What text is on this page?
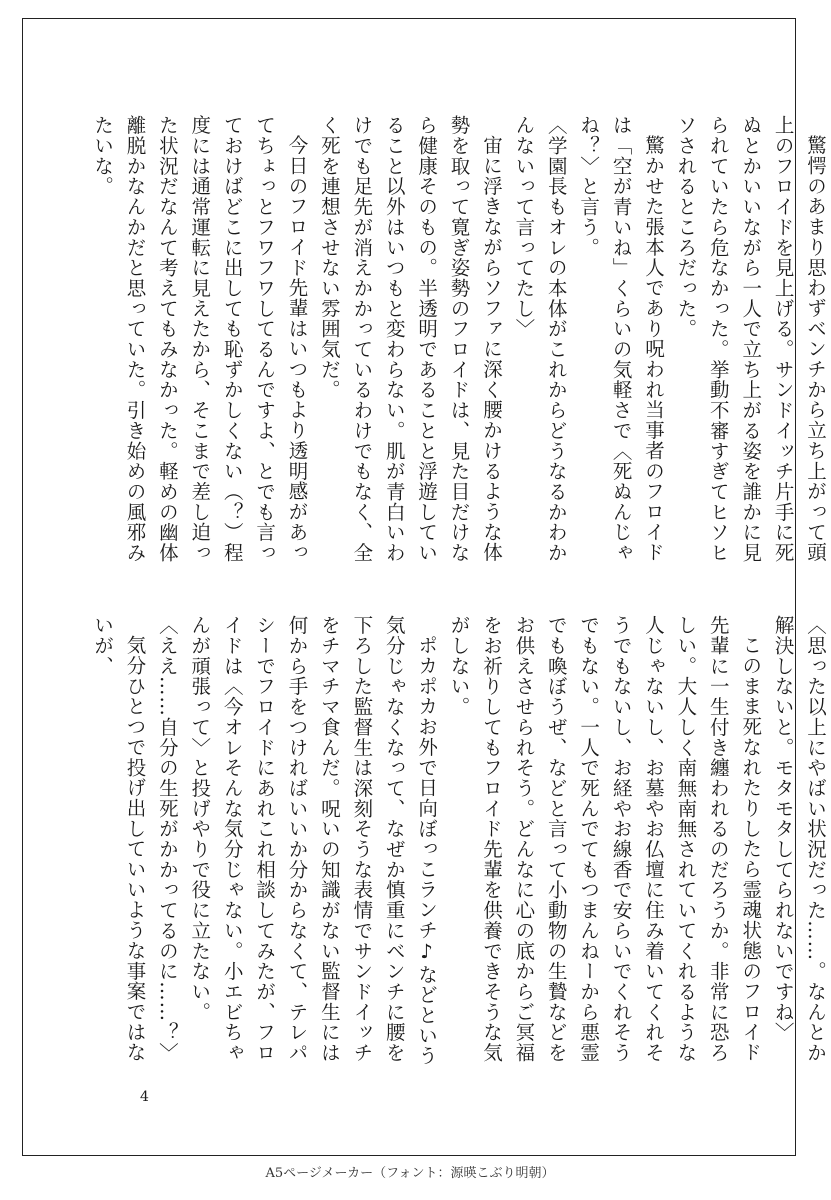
驚愕のあまり思わずベンチから立ち上がって頭上のフロイドを見上げる。サンドイッチ片手に死ぬとかいいながら一人で立ち上がる姿を誰かに見られていたら危なかった。挙動不審すぎてヒソヒソされるところだった。

驚かせた張本人であり呪われ当事者のフロイドは「空が青いね」くらいの気軽さで〈死ぬんじゃね？〉と言う。

〈学園長もオレの本体がこれからどうなるかわかんないって言ってたし〉

宙に浮きながらソファに深く腰かけるような体勢を取って寛ぎ姿勢のフロイドは、見た目だけなら健康そのもの。半透明であることと浮遊していること以外はいつもと変わらない。肌が青白いわけでも足先が消えかかっているわけでもなく、全く死を連想させない雰囲気だ。

今日のフロイド先輩はいつもより透明感があってちょっとフワフワしてるんですよ、とでも言っておけばどこに出しても恥ずかしくない（？）程度には通常運転に見えたから、そこまで差し迫った状況だなんて考えてもみなかった。軽めの幽体離脱かなんかだと思っていた。引き始めの風邪みたいな。

〈思った以上にやばい状況だった……。なんとか解決しないと。モタモタしてられないですね〉

このまま死なれたりしたら霊魂状態のフロイド先輩に一生付き纏われるのだろうか。非常に恐ろしい。大人しく南無南無されていてくれるような人じゃないし、お墓やお仏壇に住み着いてくれそうでもないし、お経やお線香で安らいでくれそうでもない。一人で死んでてもつまんねーから悪霊でも喚ぼうぜ、などと言って小動物の生贄などをお供えさせられそう。どんなに心の底からご冥福をお祈りしてもフロイド先輩を供養できそうな気がしない。

ポカポカお外で日向ぼっこランチ♪などという気分じゃなくなって、なぜか慎重にベンチに腰を下ろした監督生は深刻そうな表情でサンドイッチをチマチマ食んだ。呪いの知識がない監督生には何から手をつければいいか分からなくて、テレパシーでフロイドにあれこれ相談してみたが、フロイドは〈今オレそんな気分じゃない。小エビちゃんが頑張って〉と投げやりで役に立たない。

〈ええ……自分の生死がかかってるのに……？〉

気分ひとつで投げ出していいような事案ではないが、

4
A5ページメーカー（フォント：源暎こぶり明朝）
